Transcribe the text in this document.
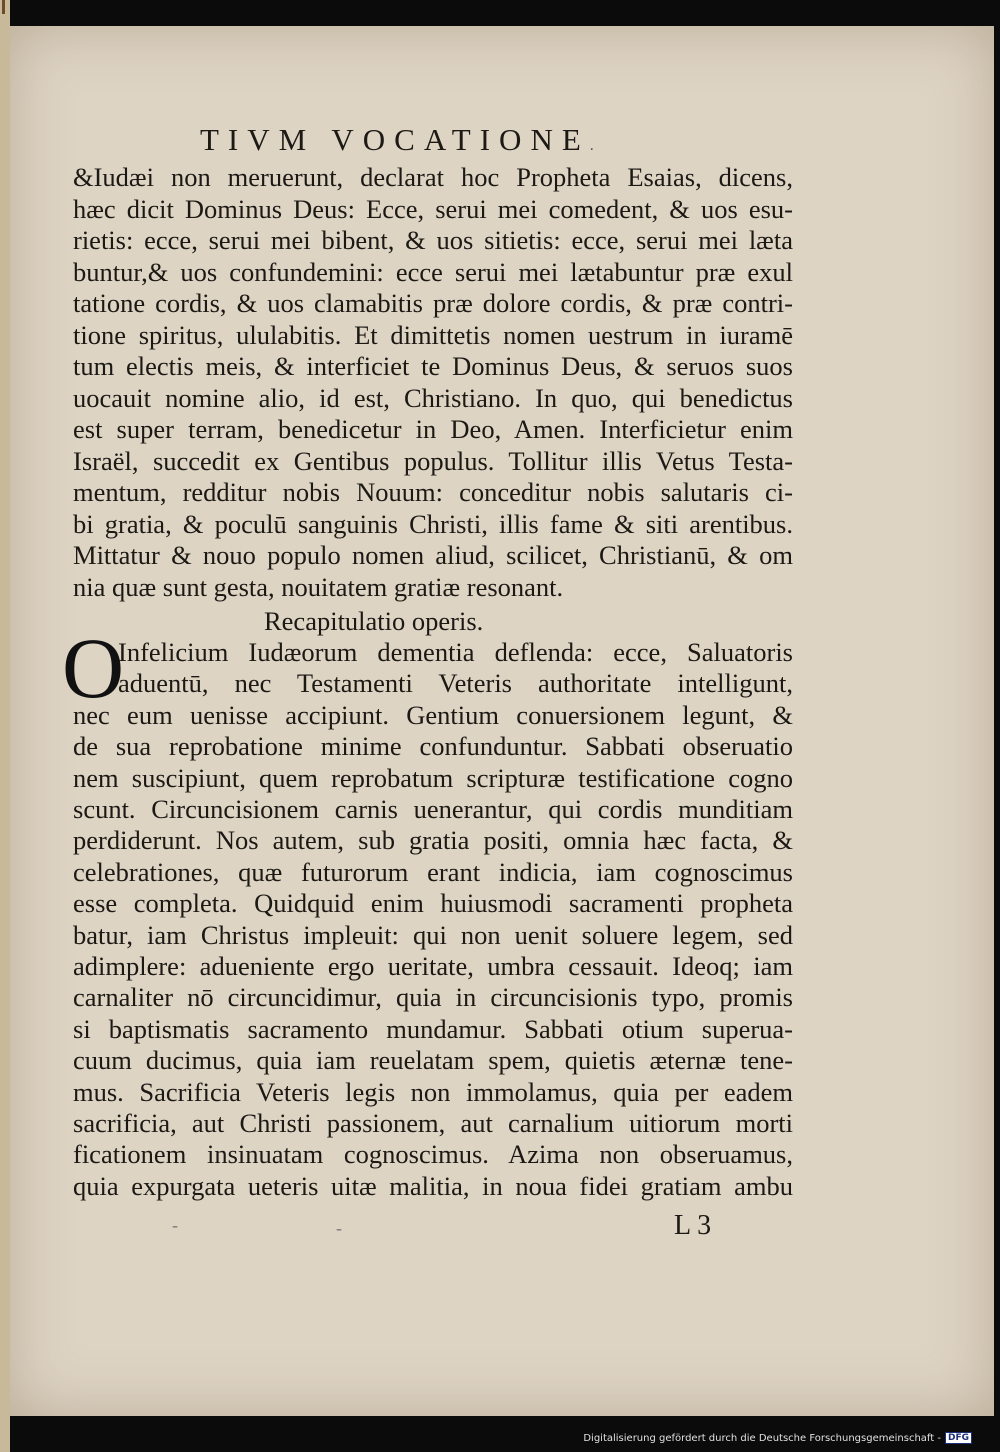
TIVM VOCATIONE.
&Iudæi non meruerunt, declarat hoc Propheta Esaias, dicens,
hæc dicit Dominus Deus: Ecce, serui mei comedent, & uos esu-
rietis: ecce, serui mei bibent, & uos sitietis: ecce, serui mei læta
buntur,& uos confundemini: ecce serui mei lætabuntur præ exul
tatione cordis, & uos clamabitis præ dolore cordis, & præ contri-
tione spiritus, ululabitis. Et dimittetis nomen uestrum in iuramē
tum electis meis, & interficiet te Dominus Deus, & seruos suos
uocauit nomine alio, id est, Christiano. In quo, qui benedictus
est super terram, benedicetur in Deo, Amen. Interficietur enim
Israël, succedit ex Gentibus populus. Tollitur illis Vetus Testa-
mentum, redditur nobis Nouum: conceditur nobis salutaris ci-
bi gratia, & poculū sanguinis Christi, illis fame & siti arentibus.
Mittatur & nouo populo nomen aliud, scilicet, Christianū, & om
nia quæ sunt gesta, nouitatem gratiæ resonant.
Recapitulatio operis.
O
Infelicium Iudæorum dementia deflenda: ecce, Saluatoris
aduentū, nec Testamenti Veteris authoritate intelligunt,
nec eum uenisse accipiunt. Gentium conuersionem legunt, &
de sua reprobatione minime confunduntur. Sabbati obseruatio
nem suscipiunt, quem reprobatum scripturæ testificatione cogno
scunt. Circuncisionem carnis uenerantur, qui cordis munditiam
perdiderunt. Nos autem, sub gratia positi, omnia hæc facta, &
celebrationes, quæ futurorum erant indicia, iam cognoscimus
esse completa. Quidquid enim huiusmodi sacramenti propheta
batur, iam Christus impleuit: qui non uenit soluere legem, sed
adimplere: adueniente ergo ueritate, umbra cessauit. Ideoq; iam
carnaliter nō circuncidimur, quia in circuncisionis typo, promis
si baptismatis sacramento mundamur. Sabbati otium superua-
cuum ducimus, quia iam reuelatam spem, quietis æternæ tene-
mus. Sacrificia Veteris legis non immolamus, quia per eadem
sacrificia, aut Christi passionem, aut carnalium uitiorum morti
ficationem insinuatam cognoscimus. Azima non obseruamus,
quia expurgata ueteris uitæ malitia, in noua fidei gratiam ambu
-	-	L 3
Digitalisierung gefördert durch die Deutsche Forschungsgemeinschaft - DFG
